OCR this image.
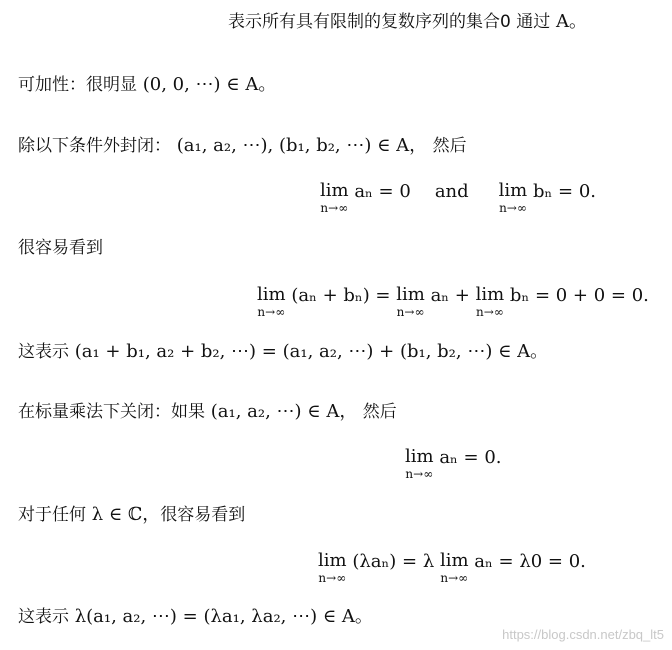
表示所有具有限制的复数序列的集合0 通过 A。
可加性：很明显 (0, 0, ⋯) ∈ A。
除以下条件外封闭： (a₁, a₂, ⋯), (b₁, b₂, ⋯) ∈ A， 然后
lim
n→∞
aₙ = 0 and lim
n→∞
bₙ = 0.
很容易看到
lim
n→∞
(aₙ + bₙ) = lim
n→∞
aₙ + lim
n→∞
bₙ = 0 + 0 = 0.
这表示 (a₁ + b₁, a₂ + b₂, ⋯) = (a₁, a₂, ⋯) + (b₁, b₂, ⋯) ∈ A。
在标量乘法下关闭：如果 (a₁, a₂, ⋯) ∈ A， 然后
lim
n→∞
aₙ = 0.
对于任何 λ ∈ ℂ，很容易看到
lim
n→∞
(λaₙ) = λ lim
n→∞
aₙ = λ0 = 0.
这表示 λ(a₁, a₂, ⋯) = (λa₁, λa₂, ⋯) ∈ A。
https://blog.csdn.net/zbq_lt5
